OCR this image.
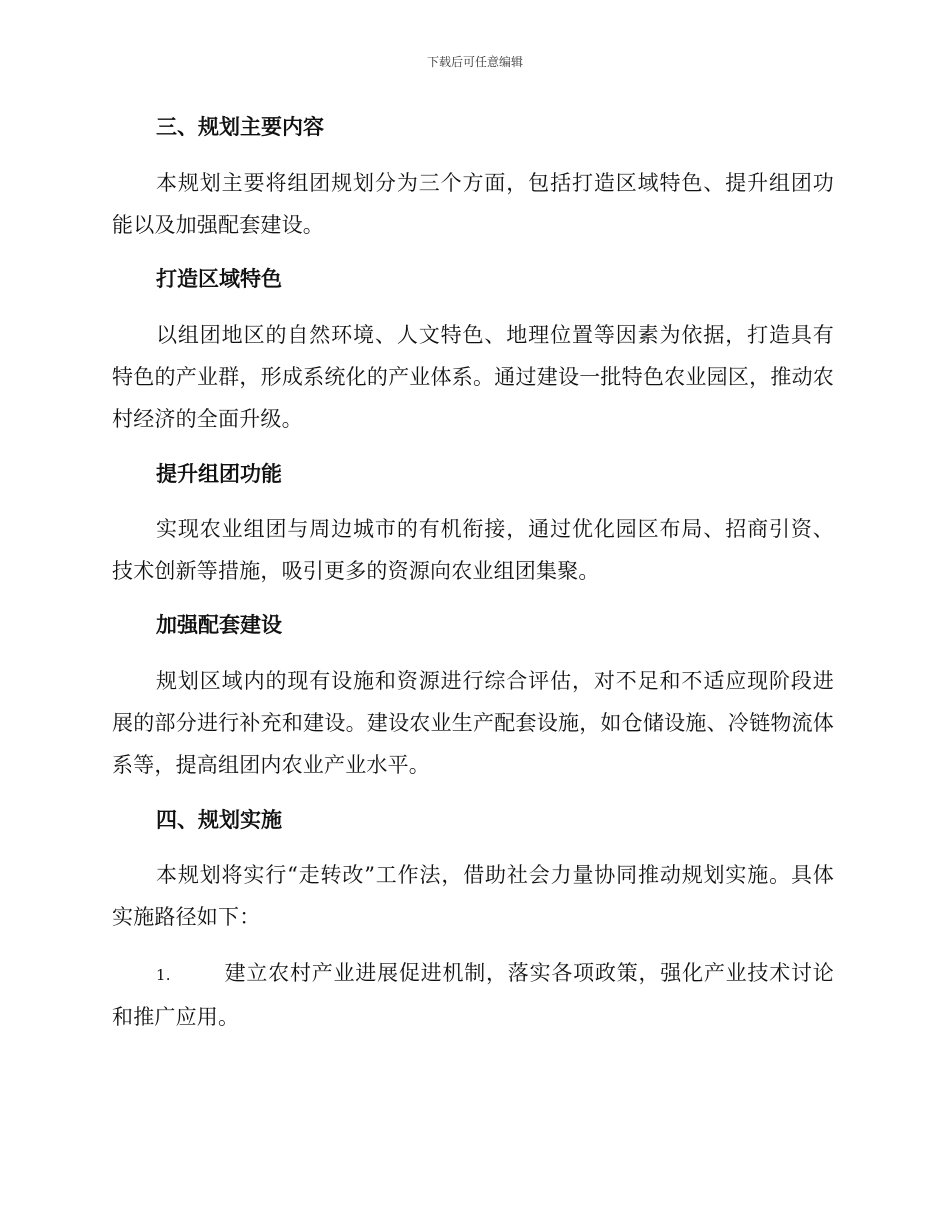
下载后可任意编辑
三、规划主要内容
本规划主要将组团规划分为三个方面，包括打造区域特色、提升组团功能以及加强配套建设。
打造区域特色
以组团地区的自然环境、人文特色、地理位置等因素为依据，打造具有特色的产业群，形成系统化的产业体系。通过建设一批特色农业园区，推动农村经济的全面升级。
提升组团功能
实现农业组团与周边城市的有机衔接，通过优化园区布局、招商引资、技术创新等措施，吸引更多的资源向农业组团集聚。
加强配套建设
规划区域内的现有设施和资源进行综合评估，对不足和不适应现阶段进展的部分进行补充和建设。建设农业生产配套设施，如仓储设施、冷链物流体系等，提高组团内农业产业水平。
四、规划实施
本规划将实行“走转改”工作法，借助社会力量协同推动规划实施。具体实施路径如下：
1.	建立农村产业进展促进机制，落实各项政策，强化产业技术讨论和推广应用。
